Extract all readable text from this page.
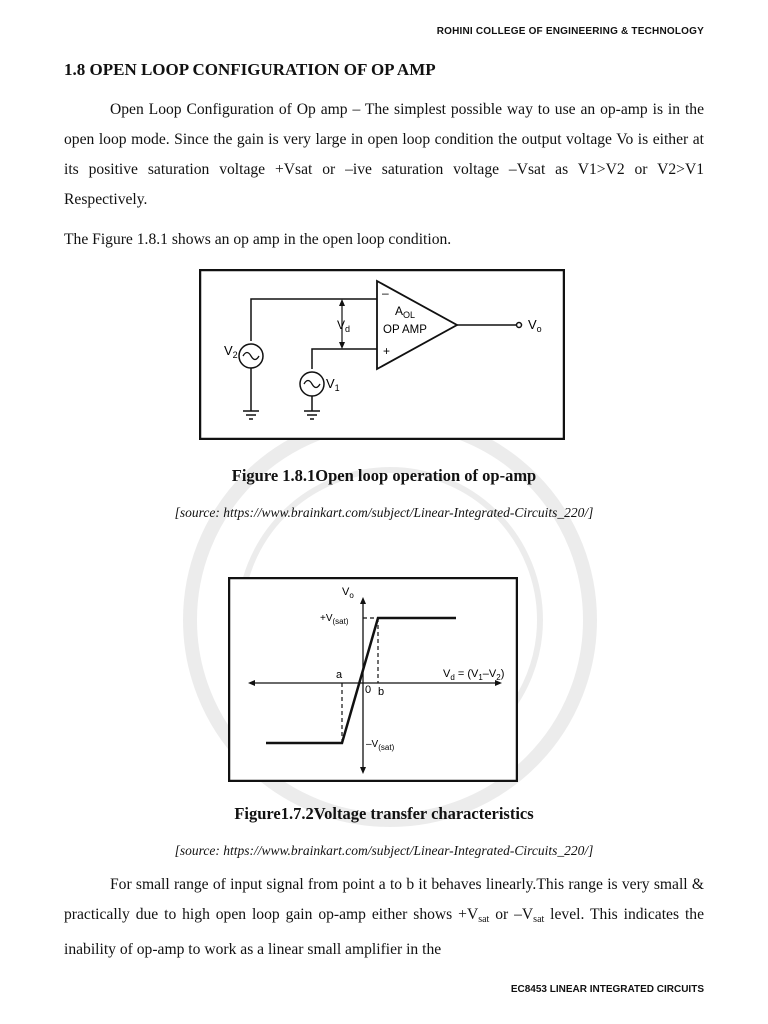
ROHINI COLLEGE OF ENGINEERING & TECHNOLOGY
1.8 OPEN LOOP CONFIGURATION OF OP AMP
Open Loop Configuration of Op amp – The simplest possible way to use an op-amp is in the open loop mode. Since the gain is very large in open loop condition the output voltage Vo is either at its positive saturation voltage +Vsat or –ive saturation voltage –Vsat as V1>V2 or V2>V1 Respectively.
The Figure 1.8.1 shows an op amp in the open loop condition.
–
+
$A_{OL}$
OP AMP
$V_d$	$V_o$
$V_2$
$V_1$
Figure 1.8.1Open loop operation of op-amp
[source: https://www.brainkart.com/subject/Linear-Integrated-Circuits_220/]
$V_o$
$+V_{(sat)}$
$-V_{(sat)}$
a
b
0
$V_d = (V_1-V_2)$
Figure1.7.2Voltage transfer characteristics
[source: https://www.brainkart.com/subject/Linear-Integrated-Circuits_220/]
For small range of input signal from point a to b it behaves linearly.This range is very small & practically due to high open loop gain op-amp either shows $+V_{sat}$ or $-V_{sat}$ level. This indicates the inability of op-amp to work as a linear small amplifier in the
EC8453 LINEAR INTEGRATED CIRCUITS
